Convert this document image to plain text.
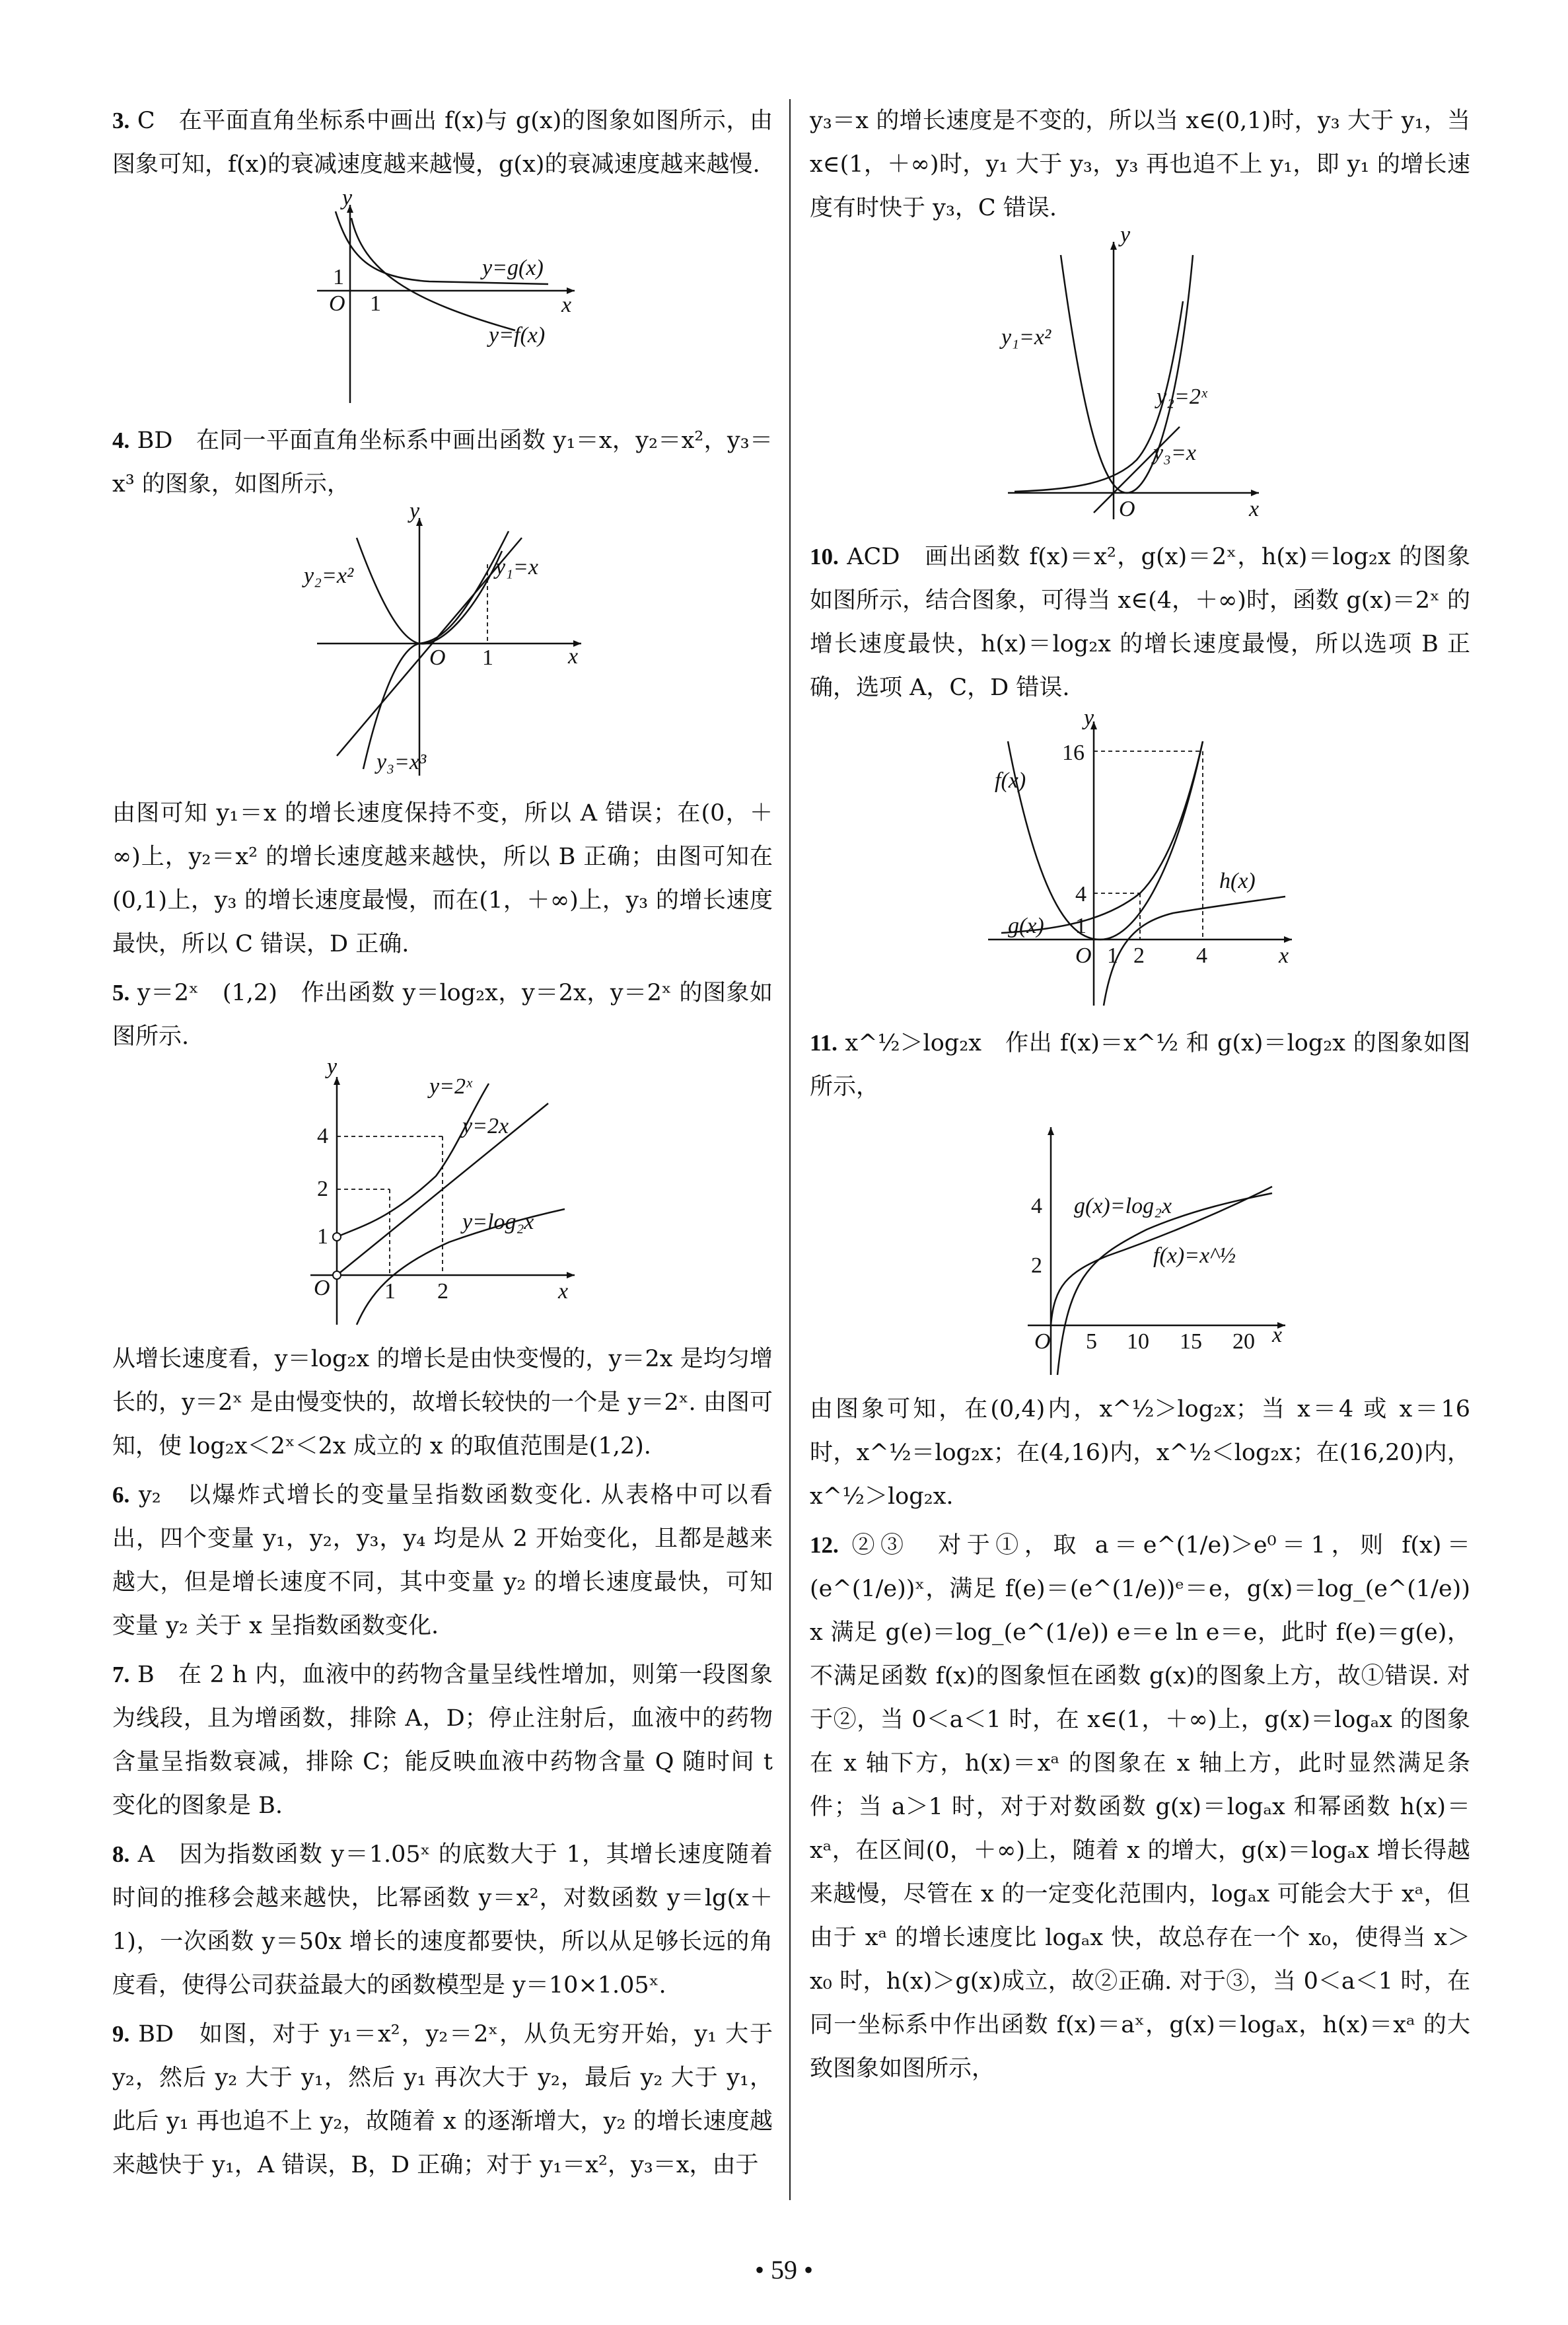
3. C　在平面直角坐标系中画出 f(x)与 g(x)的图象如图所示，由图象可知，f(x)的衰减速度越来越慢，g(x)的衰减速度越来越慢.

y
x
O
1
1
y=g(x)
y=f(x)

4. BD　在同一平面直角坐标系中画出函数 y₁＝x，y₂＝x²，y₃＝x³ 的图象，如图所示，

y
x
O 1
y₁=x
y₂=x²
y₃=x³

由图可知 y₁＝x 的增长速度保持不变，所以 A 错误；在(0，＋∞)上，y₂＝x² 的增长速度越来越快，所以 B 正确；由图可知在(0,1)上，y₃ 的增长速度最慢，而在(1，＋∞)上，y₃ 的增长速度最快，所以 C 错误，D 正确.

5. y＝2ˣ　(1,2)　作出函数 y＝log₂x，y＝2x，y＝2ˣ 的图象如图所示.

y
x
O
4
2
1
1 2
y=2ˣ
y=2x
y=log₂x

从增长速度看，y＝log₂x 的增长是由快变慢的，y＝2x 是均匀增长的，y＝2ˣ 是由慢变快的，故增长较快的一个是 y＝2ˣ. 由图可知，使 log₂x＜2ˣ＜2x 成立的 x 的取值范围是(1,2).

6. y₂　以爆炸式增长的变量呈指数函数变化. 从表格中可以看出，四个变量 y₁，y₂，y₃，y₄ 均是从 2 开始变化，且都是越来越大，但是增长速度不同，其中变量 y₂ 的增长速度最快，可知变量 y₂ 关于 x 呈指数函数变化.

7. B　在 2 h 内，血液中的药物含量呈线性增加，则第一段图象为线段，且为增函数，排除 A，D；停止注射后，血液中的药物含量呈指数衰减，排除 C；能反映血液中药物含量 Q 随时间 t 变化的图象是 B.

8. A　因为指数函数 y＝1.05ˣ 的底数大于 1，其增长速度随着时间的推移会越来越快，比幂函数 y＝x²，对数函数 y＝lg(x＋1)，一次函数 y＝50x 增长的速度都要快，所以从足够长远的角度看，使得公司获益最大的函数模型是 y＝10×1.05ˣ.

9. BD　如图，对于 y₁＝x²，y₂＝2ˣ，从负无穷开始，y₁ 大于 y₂，然后 y₂ 大于 y₁，然后 y₁ 再次大于 y₂，最后 y₂ 大于 y₁，此后 y₁ 再也追不上 y₂，故随着 x 的逐渐增大，y₂ 的增长速度越来越快于 y₁，A 错误，B，D 正确；对于 y₁＝x²，y₃＝x，由于

y₃＝x 的增长速度是不变的，所以当 x∈(0,1)时，y₃ 大于 y₁，当 x∈(1，＋∞)时，y₁ 大于 y₃，y₃ 再也追不上 y₁，即 y₁ 的增长速度有时快于 y₃，C 错误.

y
x
O
y₁=x²
y₂=2ˣ
y₃=x

10. ACD　画出函数 f(x)＝x²，g(x)＝2ˣ，h(x)＝log₂x 的图象如图所示，结合图象，可得当 x∈(4，＋∞)时，函数 g(x)＝2ˣ 的增长速度最快，h(x)＝log₂x 的增长速度最慢，所以选项 B 正确，选项 A，C，D 错误.

y
x
O
16
4
1
1 2 4
f(x)
g(x)
h(x)

11. x^½＞log₂x　作出 f(x)＝x^½ 和 g(x)＝log₂x 的图象如图所示，

O
4
2
5 10 15 20 x
g(x)=log₂x
f(x)=x^½

由图象可知，在(0,4)内，x^½＞log₂x；当 x＝4 或 x＝16 时，x^½＝log₂x；在(4,16)内，x^½＜log₂x；在(16,20)内，x^½＞log₂x.

12. ②③　对于①，取 a＝e^(1/e)＞e⁰＝1，则 f(x)＝(e^(1/e))ˣ，满足 f(e)＝(e^(1/e))ᵉ＝e，g(x)＝log_(e^(1/e)) x 满足 g(e)＝log_(e^(1/e)) e＝e ln e＝e，此时 f(e)＝g(e)，不满足函数 f(x)的图象恒在函数 g(x)的图象上方，故①错误. 对于②，当 0＜a＜1 时，在 x∈(1，＋∞)上，g(x)＝logₐx 的图象在 x 轴下方，h(x)＝xᵃ 的图象在 x 轴上方，此时显然满足条件；当 a＞1 时，对于对数函数 g(x)＝logₐx 和幂函数 h(x)＝xᵃ，在区间(0，＋∞)上，随着 x 的增大，g(x)＝logₐx 增长得越来越慢，尽管在 x 的一定变化范围内，logₐx 可能会大于 xᵃ，但由于 xᵃ 的增长速度比 logₐx 快，故总存在一个 x₀，使得当 x＞x₀ 时，h(x)＞g(x)成立，故②正确. 对于③，当 0＜a＜1 时，在同一坐标系中作出函数 f(x)＝aˣ，g(x)＝logₐx，h(x)＝xᵃ 的大致图象如图所示，

• 59 •
